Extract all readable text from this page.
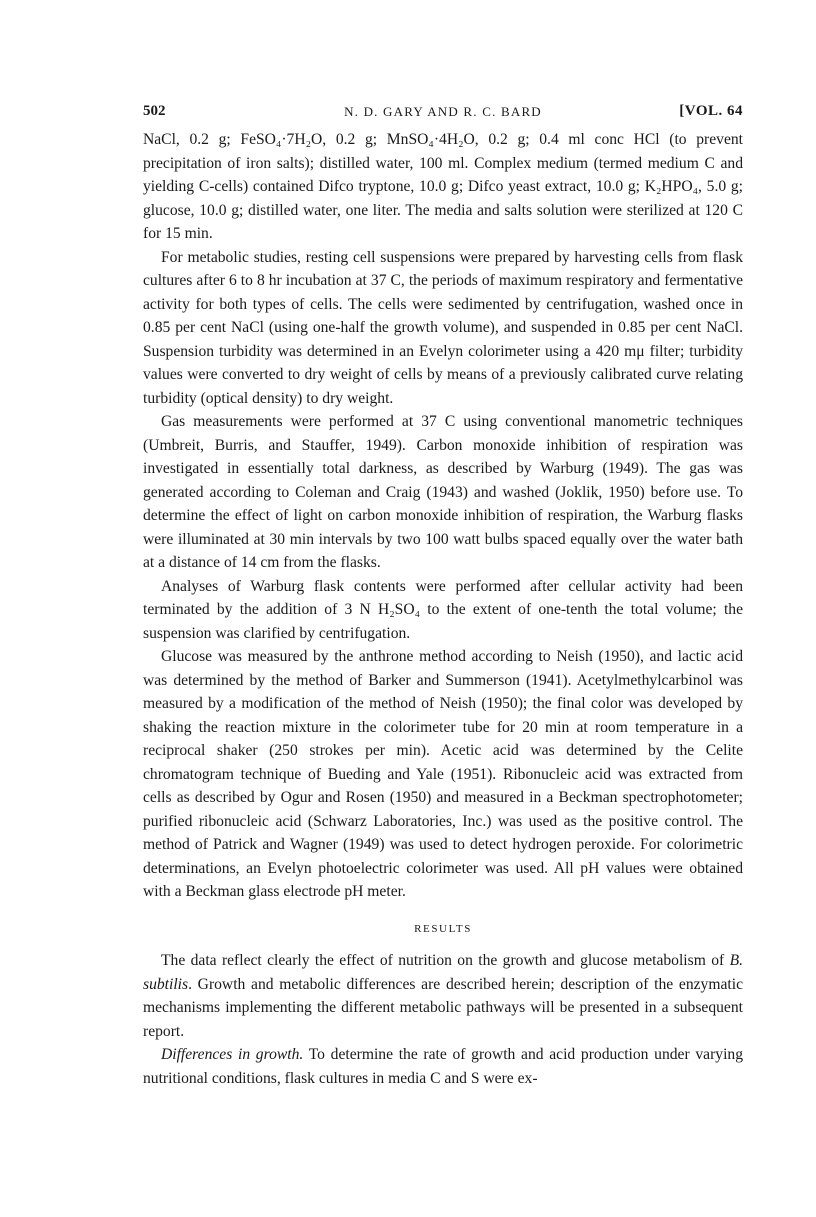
502	N. D. GARY AND R. C. BARD	[VOL. 64

NaCl, 0.2 g; FeSO₄·7H₂O, 0.2 g; MnSO₄·4H₂O, 0.2 g; 0.4 ml conc HCl (to prevent precipitation of iron salts); distilled water, 100 ml. Complex medium (termed medium C and yielding C-cells) contained Difco tryptone, 10.0 g; Difco yeast extract, 10.0 g; K₂HPO₄, 5.0 g; glucose, 10.0 g; distilled water, one liter. The media and salts solution were sterilized at 120 C for 15 min.

For metabolic studies, resting cell suspensions were prepared by harvesting cells from flask cultures after 6 to 8 hr incubation at 37 C, the periods of maximum respiratory and fermentative activity for both types of cells. The cells were sedimented by centrifugation, washed once in 0.85 per cent NaCl (using one-half the growth volume), and suspended in 0.85 per cent NaCl. Suspension turbidity was determined in an Evelyn colorimeter using a 420 mμ filter; turbidity values were converted to dry weight of cells by means of a previously calibrated curve relating turbidity (optical density) to dry weight.

Gas measurements were performed at 37 C using conventional manometric techniques (Umbreit, Burris, and Stauffer, 1949). Carbon monoxide inhibition of respiration was investigated in essentially total darkness, as described by Warburg (1949). The gas was generated according to Coleman and Craig (1943) and washed (Joklik, 1950) before use. To determine the effect of light on carbon monoxide inhibition of respiration, the Warburg flasks were illuminated at 30 min intervals by two 100 watt bulbs spaced equally over the water bath at a distance of 14 cm from the flasks.

Analyses of Warburg flask contents were performed after cellular activity had been terminated by the addition of 3 N H₂SO₄ to the extent of one-tenth the total volume; the suspension was clarified by centrifugation.

Glucose was measured by the anthrone method according to Neish (1950), and lactic acid was determined by the method of Barker and Summerson (1941). Acetylmethylcarbinol was measured by a modification of the method of Neish (1950); the final color was developed by shaking the reaction mixture in the colorimeter tube for 20 min at room temperature in a reciprocal shaker (250 strokes per min). Acetic acid was determined by the Celite chromatogram technique of Bueding and Yale (1951). Ribonucleic acid was extracted from cells as described by Ogur and Rosen (1950) and measured in a Beckman spectrophotometer; purified ribonucleic acid (Schwarz Laboratories, Inc.) was used as the positive control. The method of Patrick and Wagner (1949) was used to detect hydrogen peroxide. For colorimetric determinations, an Evelyn photoelectric colorimeter was used. All pH values were obtained with a Beckman glass electrode pH meter.

RESULTS

The data reflect clearly the effect of nutrition on the growth and glucose metabolism of B. subtilis. Growth and metabolic differences are described herein; description of the enzymatic mechanisms implementing the different metabolic pathways will be presented in a subsequent report.

Differences in growth. To determine the rate of growth and acid production under varying nutritional conditions, flask cultures in media C and S were ex-
